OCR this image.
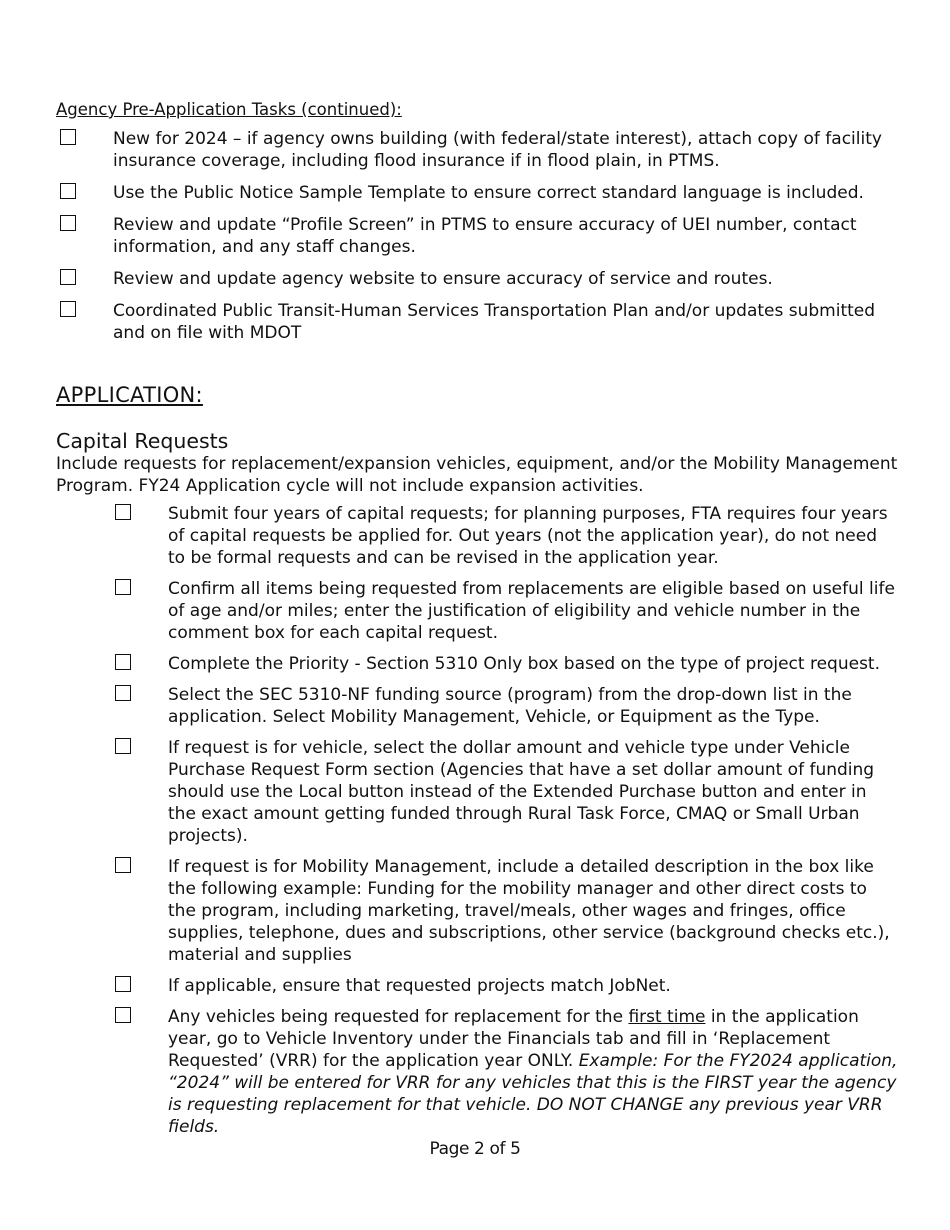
Agency Pre-Application Tasks (continued):
New for 2024 – if agency owns building (with federal/state interest), attach copy of facility insurance coverage, including flood insurance if in flood plain, in PTMS.
Use the Public Notice Sample Template to ensure correct standard language is included.
Review and update “Profile Screen” in PTMS to ensure accuracy of UEI number, contact information, and any staff changes.
Review and update agency website to ensure accuracy of service and routes.
Coordinated Public Transit-Human Services Transportation Plan and/or updates submitted and on file with MDOT
APPLICATION:
Capital Requests

Include requests for replacement/expansion vehicles, equipment, and/or the Mobility Management Program. FY24 Application cycle will not include expansion activities.

Submit four years of capital requests; for planning purposes, FTA requires four years of capital requests be applied for. Out years (not the application year), do not need to be formal requests and can be revised in the application year.
Confirm all items being requested from replacements are eligible based on useful life of age and/or miles; enter the justification of eligibility and vehicle number in the comment box for each capital request.
Complete the Priority - Section 5310 Only box based on the type of project request.
Select the SEC 5310-NF funding source (program) from the drop-down list in the application. Select Mobility Management, Vehicle, or Equipment as the Type.
If request is for vehicle, select the dollar amount and vehicle type under Vehicle Purchase Request Form section (Agencies that have a set dollar amount of funding should use the Local button instead of the Extended Purchase button and enter in the exact amount getting funded through Rural Task Force, CMAQ or Small Urban projects).
If request is for Mobility Management, include a detailed description in the box like the following example: Funding for the mobility manager and other direct costs to the program, including marketing, travel/meals, other wages and fringes, office supplies, telephone, dues and subscriptions, other service (background checks etc.), material and supplies
If applicable, ensure that requested projects match JobNet.
Any vehicles being requested for replacement for the first time in the application year, go to Vehicle Inventory under the Financials tab and fill in ‘Replacement Requested’ (VRR) for the application year ONLY. Example: For the FY2024 application, “2024” will be entered for VRR for any vehicles that this is the FIRST year the agency is requesting replacement for that vehicle. DO NOT CHANGE any previous year VRR fields.
Page 2 of 5
